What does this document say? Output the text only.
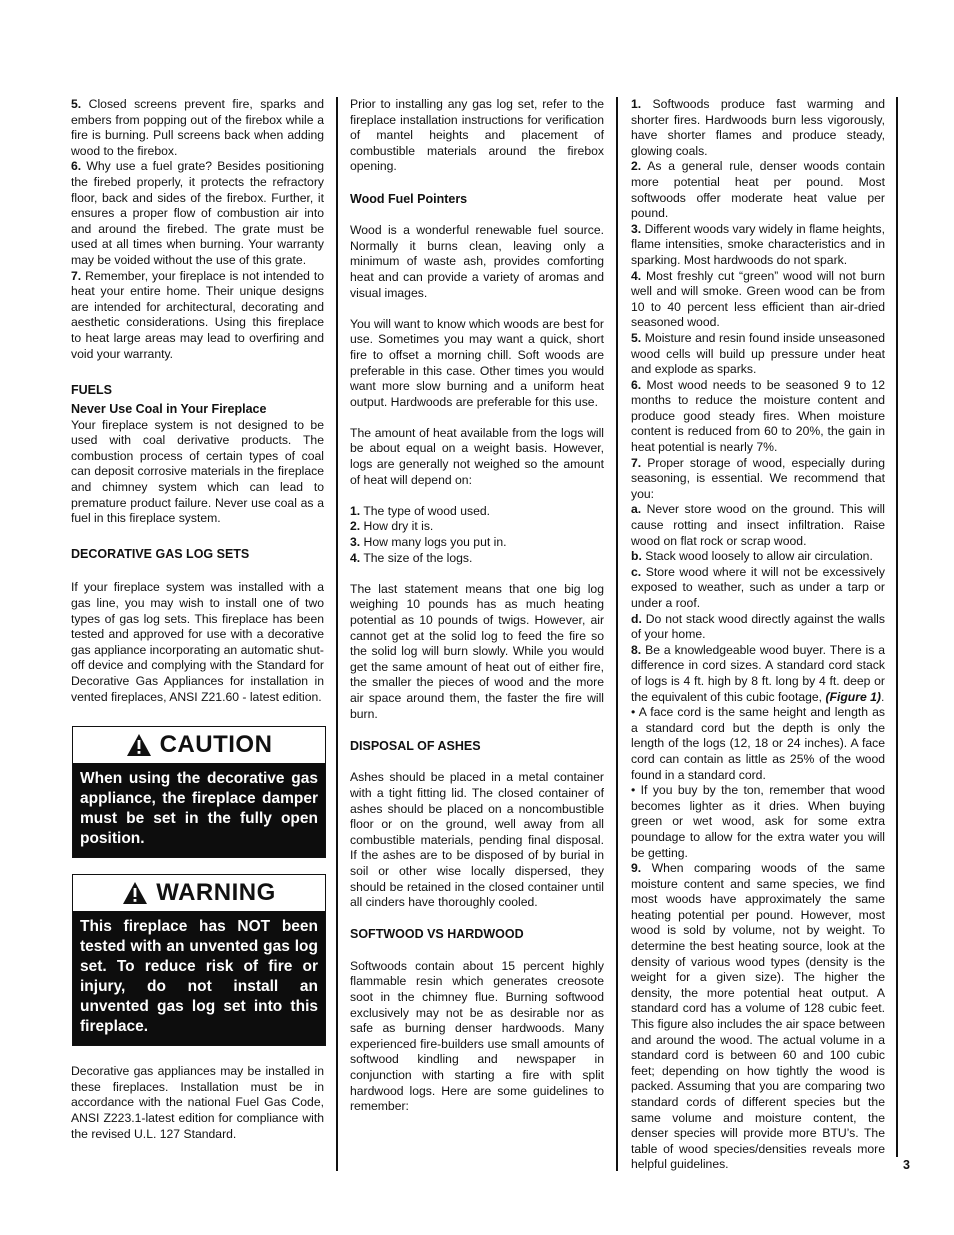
5. Closed screens prevent fire, sparks and embers from popping out of the firebox while a fire is burning. Pull screens back when adding wood to the firebox.

6. Why use a fuel grate? Besides positioning the firebed properly, it protects the refractory floor, back and sides of the firebox. Further, it ensures a proper flow of combustion air into and around the firebed. The grate must be used at all times when burning. Your warranty may be voided without the use of this grate.

7. Remember, your fireplace is not intended to heat your entire home. Their unique designs are intended for architectural, decorating and aesthetic considerations. Using this fireplace to heat large areas may lead to overfiring and void your warranty.

FUELS
Never Use Coal in Your Fireplace

Your fireplace system is not designed to be used with coal derivative products. The combustion process of certain types of coal can deposit corrosive materials in the fireplace and chimney system which can lead to premature product failure. Never use coal as a fuel in this fireplace system.

DECORATIVE GAS LOG SETS

If your fireplace system was installed with a gas line, you may wish to install one of two types of gas log sets. This fireplace has been tested and approved for use with a decorative gas appliance incorporating an automatic shut-off device and complying with the Standard for Decorative Gas Appliances for installation in vented fireplaces, ANSI Z21.60 - latest edition.

CAUTION
When using the decorative gas appliance, the fireplace damper must be set in the fully open position.
WARNING
This fireplace has NOT been tested with an unvented gas log set. To reduce risk of fire or injury, do not install an unvented gas log set into this fireplace.

Decorative gas appliances may be installed in these fireplaces. Installation must be in accordance with the national Fuel Gas Code, ANSI Z223.1-latest edition for compliance with the revised U.L. 127 Standard.

Prior to installing any gas log set, refer to the fireplace installation instructions for verification of mantel heights and placement of combustible materials around the firebox opening.

Wood Fuel Pointers

Wood is a wonderful renewable fuel source. Normally it burns clean, leaving only a minimum of waste ash, provides comforting heat and can provide a variety of aromas and visual images.

You will want to know which woods are best for use. Sometimes you may want a quick, short fire to offset a morning chill. Soft woods are preferable in this case. Other times you would want more slow burning and a uniform heat output. Hardwoods are preferable for this use.

The amount of heat available from the logs will be about equal on a weight basis. However, logs are generally not weighed so the amount of heat will depend on:

1. The type of wood used.
2. How dry it is.
3. How many logs you put in.
4. The size of the logs.

The last statement means that one big log weighing 10 pounds has as much heating potential as 10 pounds of twigs. However, air cannot get at the solid log to feed the fire so the solid log will burn slowly. While you would get the same amount of heat out of either fire, the smaller the pieces of wood and the more air space around them, the faster the fire will burn.

DISPOSAL OF ASHES

Ashes should be placed in a metal container with a tight fitting lid. The closed container of ashes should be placed on a noncombustible floor or on the ground, well away from all combustible materials, pending final disposal. If the ashes are to be disposed of by burial in soil or other wise locally dispersed, they should be retained in the closed container until all cinders have thoroughly cooled.

SOFTWOOD VS HARDWOOD

Softwoods contain about 15 percent highly flammable resin which generates creosote soot in the chimney flue. Burning softwood exclusively may not be as desirable nor as safe as burning denser hardwoods. Many experienced fire-builders use small amounts of softwood kindling and newspaper in conjunction with starting a fire with split hardwood logs. Here are some guidelines to remember:

1. Softwoods produce fast warming and shorter fires. Hardwoods burn less vigorously, have shorter flames and produce steady, glowing coals.

2. As a general rule, denser woods contain more potential heat per pound. Most softwoods offer moderate heat value per pound.

3. Different woods vary widely in flame heights, flame intensities, smoke characteristics and in sparking. Most hardwoods do not spark.

4. Most freshly cut “green” wood will not burn well and will smoke. Green wood can be from 10 to 40 percent less efficient than air-dried seasoned wood.

5. Moisture and resin found inside unseasoned wood cells will build up pressure under heat and explode as sparks.

6. Most wood needs to be seasoned 9 to 12 months to reduce the moisture content and produce good steady fires. When moisture content is reduced from 60 to 20%, the gain in heat potential is nearly 7%.

7. Proper storage of wood, especially during seasoning, is essential. We recommend that you:

a. Never store wood on the ground. This will cause rotting and insect infiltration. Raise wood on flat rock or scrap wood.

b. Stack wood loosely to allow air circulation.

c. Store wood where it will not be excessively exposed to weather, such as under a tarp or under a roof.

d. Do not stack wood directly against the walls of your home.

8. Be a knowledgeable wood buyer. There is a difference in cord sizes. A standard cord stack of logs is 4 ft. high by 8 ft. long by 4 ft. deep or the equivalent of this cubic footage, (Figure 1).

• A face cord is the same height and length as a standard cord but the depth is only the length of the logs (12, 18 or 24 inches). A face cord can contain as little as 25% of the wood found in a standard cord.

• If you buy by the ton, remember that wood becomes lighter as it dries. When buying green or wet wood, ask for some extra poundage to allow for the extra water you will be getting.

9. When comparing woods of the same moisture content and same species, we find most woods have approximately the same heating potential per pound. However, most wood is sold by volume, not by weight. To determine the best heating source, look at the density of various wood types (density is the weight for a given size). The higher the density, the more potential heat output. A standard cord has a volume of 128 cubic feet. This figure also includes the air space between and around the wood. The actual volume in a standard cord is between 60 and 100 cubic feet; depending on how tightly the wood is packed. Assuming that you are comparing two standard cords of different species but the same volume and moisture content, the denser species will provide more BTU’s. The table of wood species/densities reveals more helpful guidelines.	3
